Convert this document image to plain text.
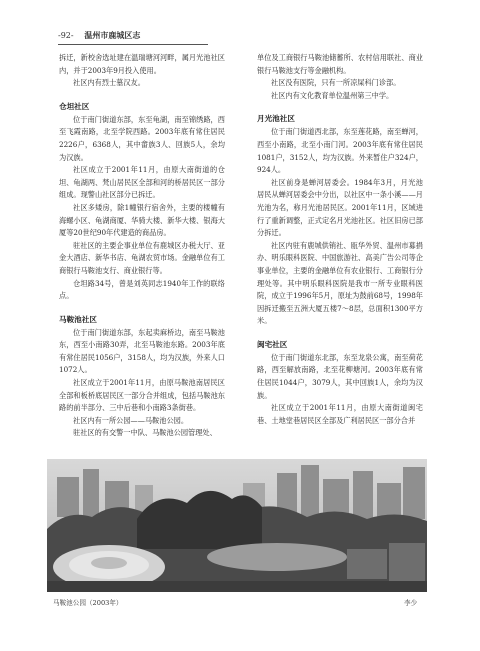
-92- 温州市鹿城区志

拆迁，新校舍选址建在温瑞塘河河畔，属月光池社区内，并于2003年9月投入使用。

社区内有烈士墓汉友。

仓坦社区

位于南门街道东部，东至龟湖，南至锦绣路，西至飞霞南路，北至学院西路。2003年底有常住居民2226户，6368人，其中畲族3人、回族5人，余均为汉族。

社区成立于2001年11月，由原大南街道的仓坦、龟湖两、梵山居民区全部和河的桥居民区一部分组成。现警山社区部分已拆迁。

社区多矮房，除1幢银行宿舍外，主要的楼幢有海螺小区、龟湖商厦、华骑大楼、新华大楼、银海大厦等20世纪90年代建造的商品房。

驻社区的主要企事业单位有鹿城区办税大厅、亚金大酒店、新华书店、龟湖农贸市场。金融单位有工商银行马鞍池支行、商业银行等。

仓坦路34号，曾是刘英同志1940年工作的联络点。

马鞍池社区

位于南门街道东部，东起卖麻桥边，南至马鞍池东，西至小南路30弄，北至马鞍池东路。2003年底有常住居民1056户，3158人，均为汉族，外来人口1072人。

社区成立于2001年11月，由原马鞍池南居民区全部和板桥底居民区一部分合并组成，包括马鞍池东路的前半部分、三中后巷和小南路3条街巷。

社区内有一所公园——马鞍池公园。

驻社区的有交警一中队、马鞍池公园管理处、

单位及工商银行马鞍池储蓄所、农村信用联社、商业银行马鞍池支行等金融机构。

社区没有医院，只有一所凉屎科门诊部。

社区内有文化教育单位温州第三中学。

月光池社区

位于南门街道西北部，东至莲花路，南至蝉河，西至小南路，北至小南门河。2003年底有常住居民1081户，3152人，均为汉族。外来暂住户324户，924人。

社区前身是蝉河居委会。1984年3月，月光池居民从蝉河居委会中分出，以社区中一条小溪——月光池为名，称月光池居民区。2001年11月，区域进行了重新调整，正式定名月光池社区。社区旧房已部分拆迁。

社区内驻有鹿城供销社、瓯华外贸、温州市募捐办、明乐眼科医院、中国旅游社、高美广告公司等企事业单位，主要的金融单位有农业银行、工商银行分理处等。其中明乐眼科医院是我市一所专业眼科医院，成立于1996年5月，原址为鼓前68号，1998年因拆迁搬至五洲大厦五楼7～8层，总面积1300平方米。

闽宅社区

位于南门街道东北部，东至龙泉公寓，南至荷花路，西至解放南路，北至花柳塘河。2003年底有常住居民1044户，3079人，其中回族1人，余均为汉族。

社区成立于2001年11月，由原大南街道闽宅巷、土地堂巷居民区全部及广利居民区一部分合并

马鞍池公园（2003年）	李少
